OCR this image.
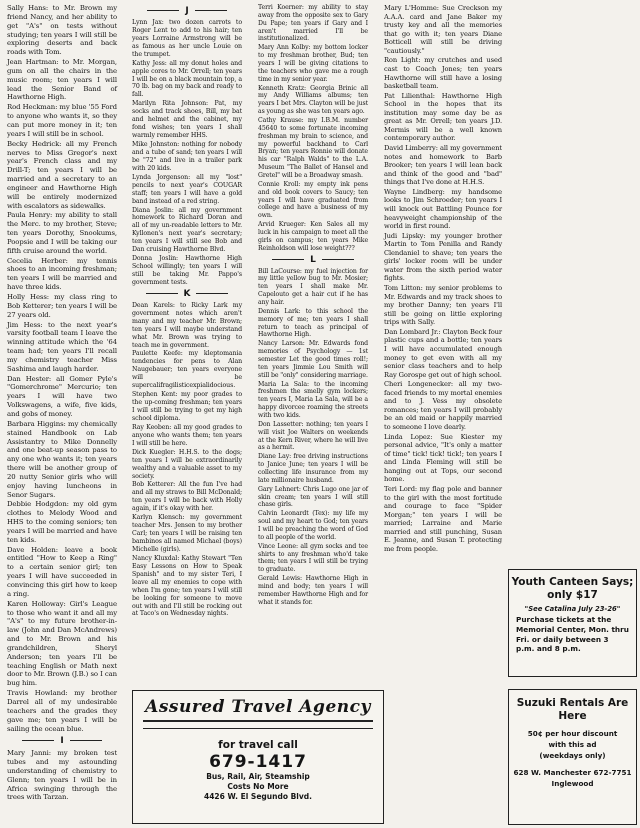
Sally Hans: to Mr. Brown my friend Nancy, and her ability to get "A's" on tests without studying; ten years I will still be exploring deserts and back roads with Tom.

Jean Hartman: to Mr. Morgan, gum on all the chairs in the music room; ten years I will lead the Senior Band of Hawthorne High.

Rod Heckman: my blue '55 Ford to anyone who wants it, so they can put more money in it; ten years I will still be in school.

Becky Hedrick: all my French nerves to Miss Gregor's next year's French class and my Drill-T; ten years I will be married and a secretary to an engineer and Hawthorne High will be entirely modernized with escalators as sidewalks.

Paula Henry: my ability to stall the Merc. to my brother, Steve; ten years Dorothy, Snookums, Poopsie and I will be taking our fifth cruise around the world.

Cecelia Herber: my tennis shoes to an incoming freshman; ten years I will be married and have three kids.

Holly Hess: my class ring to Bob Ketterer; ten years I will be 27 years old.

Jim Hess: to the next year's varsity football team I leave the winning attitude which the '64 team had; ten years I'll recall my chemistry teacher Miss Sashima and laugh harder.

Dan Hester: all Gomer Pyle's "Gomerchrome" Mercurio; ten years I will have two Volkswagens, a wife, five kids, and gobs of money.

Barbara Higgins: my chemically stained Handbook on Lab Assistantry to Mike Donnelly and one beat-up season pass to any one who wants it; ten years there will be another group of 20 nutty Senior girls who will enjoy having luncheons in Senor Sugars.

Debbie Hodgdon: my old gym clothes to Melody Wood and HHS to the coming seniors; ten years I will be married and have ten kids.

Dave Holden: leave a book entitled "How to Keep a Ring" to a certain senior girl; ten years I will have succeeded in convincing this girl how to keep a ring.

Karen Holloway: Girl's League to those who want it and all my "A's" to my future brother-in-law (John and Dan McAndrews) and to Mr. Brown and his grandchildren, Sheryl Anderson; ten years I'll be teaching English or Math next door to Mr. Brown (J.B.) so I can bug him.

Travis Howland: my brother Darrel all of my undesirable teachers and the grades they gave me; ten years I will be sailing the ocean blue.

I

Mary Janni: my broken test tubes and my astounding understanding of chemistry to Glenn; ten years I will be in Africa swinging through the trees with Tarzan.

J

Lynn Jax: two dozen carrots to Roger Lent to add to his hair; ten years Lorraine Armstrong will be as famous as her uncle Louie on the trumpet.

Kathy Jess: all my donut holes and apple cores to Mr. Orrell; ten years I will be on a black mountain top, a 70 lb. bag on my back and ready to fall.

Marilyn Rita Johnson: Pat, my socks and track shoes, Bill, my bat and helmet and the cabinet, my fond wishes; ten years I shall warmly remember HHS.

Mike Johnston: nothing for nobody and a tube of sand; ten years I will be "72" and live in a trailer park with 20 kids.

Lynda Jorgenson: all my "lost" pencils to next year's COUGAR staff; ten years I will have a gold band instead of a red string.

Diana Joslin: all my government homework to Richard Doran and all of my un-readable letters to Mr. Kyllonen's next year's secretary; ten years I will still see Bob and Dan cruising Hawthorne Blvd.

Donna Joslin: Hawthorne High School willingly; ten years I will still be taking Mr. Pappo's government tests.

K

Dean Karels: to Ricky Lark my government notes which aren't many and my teacher Mr. Brown; ten years I will maybe understand what Mr. Brown was trying to teach me in government.

Paulette Keefe: my kleptomania tendencies for pens to Alan Naugebauer; ten years everyone will be supercalifragilisticexpialidocious.

Stephen Kent: my poor grades to the up-coming freshman; ten years I will still be trying to get my high school diploma.

Ray Keoben: all my good grades to anyone who wants them; ten years I will still be here.

Dick Kuegler: H.H.S. to the dogs; ten years I will be extraordinarily wealthy and a valuable asset to my society.

Bob Ketterer: All the fun I've had and all my straws to Bill McDonald; ten years I will be back with Holly again, if it's okay with her.

Karlyn Klensch: my government teacher Mrs. Jensen to my brother Carl; ten years I will be raising ten bambinos all named Michael (boys) Michelle (girls).

Nancy Kluxdal: Kathy Stewart "Ten Easy Lessons on How to Speak Spanish" and to my sister Teri, I leave all my enemies to cope with when I'm gone; ten years I will still be looking for someone to move out with and I'll still be rocking out at Taco's on Wednesday nights.

Terri Koerner: my ability to stay away from the opposite sex to Gary Du Pape; ten years if Gary and I aren't married I'll be institutionalized.

Mary Ann Kolby: my bottom locker to my freshman brother, Bud; ten years I will be giving citations to the teachers who gave me a rough time in my senior year.

Kenneth Kratz: Georgia Brinic all my Andy Williams albums; ten years I bet Mrs. Clayton will be just as young as she was ten years ago.

Cathy Krause: my I.B.M. number 45640 to some fortunate incoming freshman my brain to science, and my powerful backhand to Carl Bryan; ten years Ronnie will donate his car "Ralph Walds" to the L.A. Museum "The Ballet of Hansel and Gretel" will be a Broadway smash.

Connie Kroll: my empty ink pens and old book covers to Saucy; ten years I will have graduated from college and have a business of my own.

Arvid Krueger: Ken Sales all my luck in his campaign to meet all the girls on campus; ten years Mike Reinholdson will lose weight???

L

Bill LaCourse: my fuel injection for my little yellow bug to Mr. Mosier; ten years I shall make Mr. Capelouto get a hair cut if he has any hair.

Dennis Lark: to this school the memory of me; ten years I shall return to teach as principal of Hawthorne High.

Nancy Larson: Mr. Edwards fond memories of Psychology — 1st semester Let the good times roll!; ten years Jimmie Lou Smith will still be "only" considering marriage.

Maria La Sala: to the incoming freshmen the smelly gym lockers; ten years I, Maria La Sala, will be a happy divorcee roaming the streets with two kids.

Don Lassetter: nothing; ten years I will visit Joe Walters on weekends at the Kern River, where he will live as a hermit.

Diane Lay: free driving instructions to Janice June; ten years I will be collecting life insurance from my late millionaire husband.

Gary Lehnert: Chris Lugo one jar of skin cream; ten years I will still chase girls.

Calvin Leonardt (Tex): my life my soul and my heart to God; ten years I will be preaching the word of God to all people of the world.

Vince Leone: all gym socks and tee shirts to any freshman who'd take them; ten years I will still be trying to graduate.

Gerald Lewis: Hawthorne High in mind and body; ten years I will remember Hawthorne High and for what it stands for.

Mary L'Homme: Sue Creckson my A.A.A. card and Jane Baker my trusty key and all the memories that go with it; ten years Diane Botticell will still be driving "cautiously."

Ron Light: my crutches and used cast to Coach Jones; ten years Hawthorne will still have a losing basketball team.

Pat Lilienthal: Hawthorne High School in the hopes that its institution may some day be as great as Mr. Orrell; ten years J.D. Mermis will be a well known contemporary author.

David Limberry: all my government notes and homework to Barb Brooker; ten years I will lean back and think of the good and "bad" things that I've done at H.H.S.

Wayne Lindberg: my handsome looks to Jim Schroeder; ten years I will knock out Battling Pounce for heavyweight championship of the world in first round.

Judi Lipsky: my younger brother Martin to Tom Penilla and Randy Clendaniel to shave; ten years the girls' locker room will be under water from the sixth period water fights.

Tom Litton: my senior problems to Mr. Edwards and my track shoes to my brother Danny; ten years I'll still be going on little exploring trips with Sally.

Dan Lombard Jr.: Clayton Beck four plastic cups and a bottle; ten years I will have accumulated enough money to get even with all my senior class teachers and to help Ray Gorospe get out of high school.

Cheri Longenecker: all my two-faced friends to my mortal enemies and to J. Vess my obsolete romances; ten years I will probably be an old maid or happily married to someone I love dearly.

Linda Lopez: Sue Kiester my personal advice, "It's only a matter of time" tick! tick! tick!; ten years I and Linda Fleming will still be hanging out at Tops, our second home.

Teri Lord: my flag pole and banner to the girl with the most fortitude and courage to face "Spider Morgan;" ten years I will be married; Larraine and Marie married and still punching, Susan E. Jeanne, and Susan T. protecting me from people.

Assured Travel Agency
for travel call
679-1417
Bus, Rail, Air, Steamship
Costs No More
4426 W. El Segundo Blvd.
Youth Canteen Says;
only $17
"See Catalina July 23-26"
Purchase tickets at the Memorial Center, Mon. thru Fri. or daily between 3 p.m. and 8 p.m.
Suzuki Rentals Are
Here
50¢ per hour discount
with this ad
(weekdays only)
628 W. Manchester 672-7751
Inglewood
